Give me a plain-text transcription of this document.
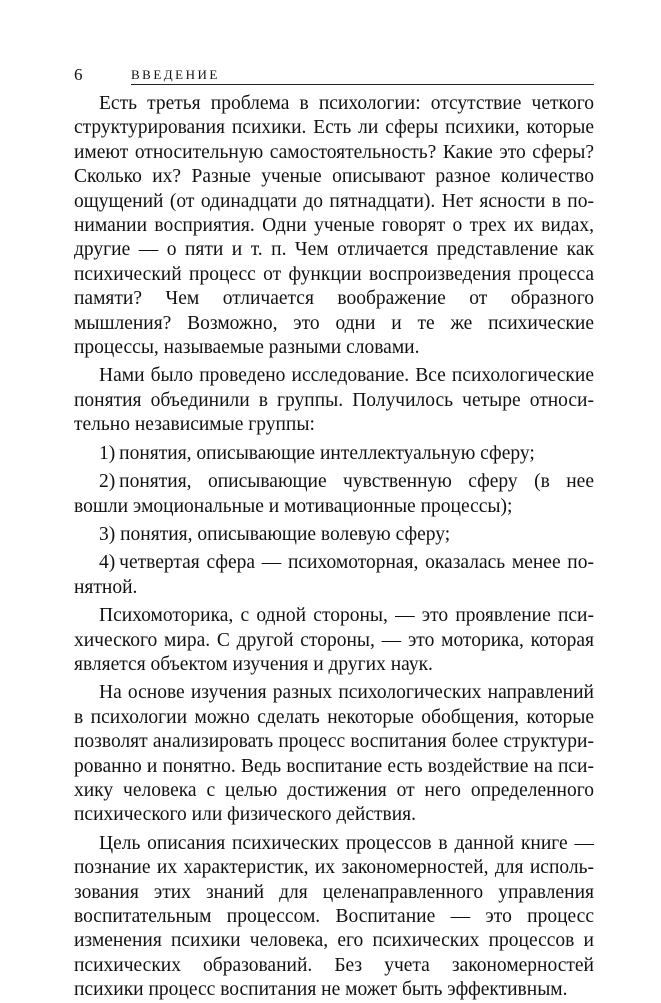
6	ВВЕДЕНИЕ

Есть третья проблема в психологии: отсутствие четкого структурирования психики. Есть ли сферы психики, которые имеют относительную самостоятельность? Какие это сферы? Сколько их? Разные ученые описывают разное количество ощущений (от одинадцати до пятнадцати). Нет ясности в понимании восприятия. Одни ученые говорят о трех их видах, другие — о пяти и т. п. Чем отличается представление как психический процесс от функции воспроизведения процесса памяти? Чем отличается воображение от образного мышления? Возможно, это одни и те же психические процессы, называемые разными словами.

Нами было проведено исследование. Все психологические понятия объединили в группы. Получилось четыре относительно независимые группы:

1) понятия, описывающие интеллектуальную сферу;

2) понятия, описывающие чувственную сферу (в нее вошли эмоциональные и мотивационные процессы);

3) понятия, описывающие волевую сферу;

4) четвертая сфера — психомоторная, оказалась менее понятной.

Психомоторика, с одной стороны, — это проявление психического мира. С другой стороны, — это моторика, которая является объектом изучения и других наук.

На основе изучения разных психологических направлений в психологии можно сделать некоторые обобщения, которые позволят анализировать процесс воспитания более структурированно и понятно. Ведь воспитание есть воздействие на психику человека с целью достижения от него определенного психического или физического действия.

Цель описания психических процессов в данной книге — познание их характеристик, их закономерностей, для использования этих знаний для целенаправленного управления воспитательным процессом. Воспитание — это процесс изменения психики человека, его психических процессов и психических образований. Без учета закономерностей психики процесс воспитания не может быть эффективным.
